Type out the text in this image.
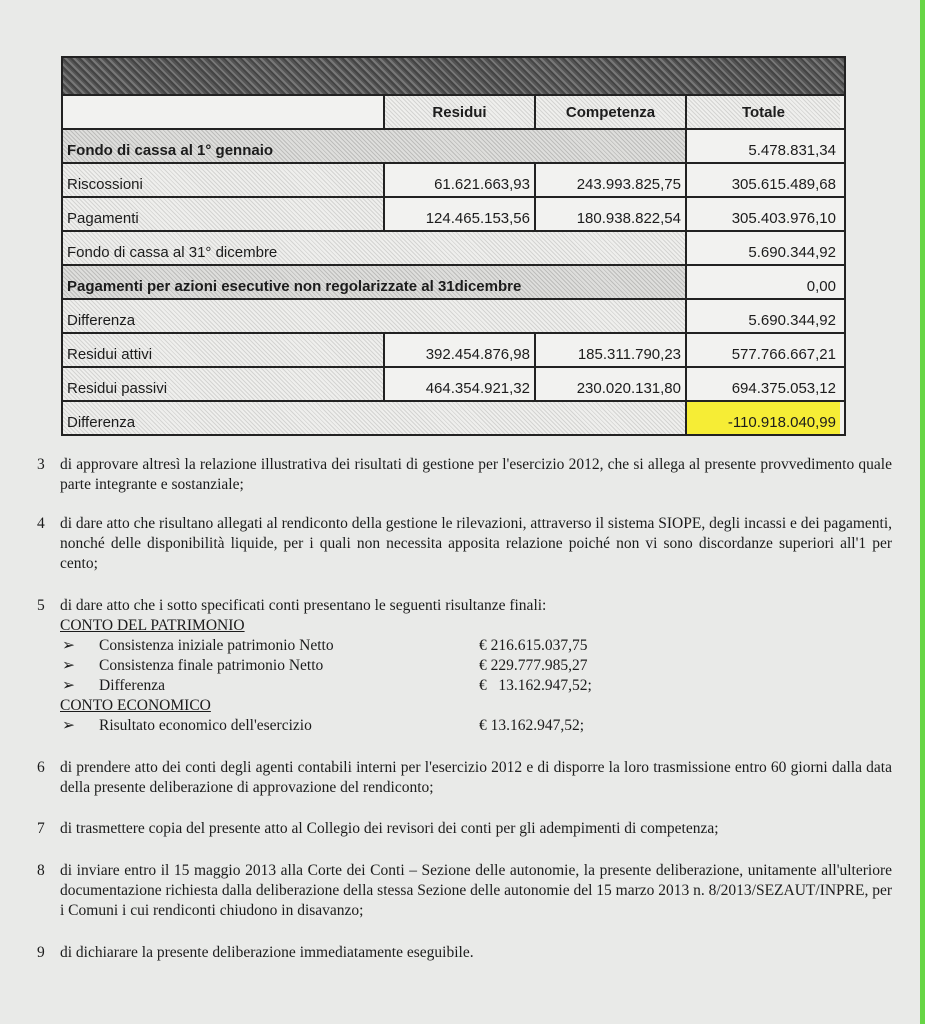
Residui	Competenza	Totale
Fondo di cassa al 1° gennaio	5.478.831,34
Riscossioni	61.621.663,93	243.993.825,75	305.615.489,68
Pagamenti	124.465.153,56	180.938.822,54	305.403.976,10
Fondo di cassa al 31° dicembre	5.690.344,92
Pagamenti per azioni esecutive non regolarizzate al 31dicembre	0,00
Differenza	5.690.344,92
Residui attivi	392.454.876,98	185.311.790,23	577.766.667,21
Residui passivi	464.354.921,32	230.020.131,80	694.375.053,12
Differenza	-110.918.040,99
3 di approvare altresì la relazione illustrativa dei risultati di gestione per l'esercizio 2012, che si allega al presente provvedimento quale parte integrante e sostanziale;
4 di dare atto che risultano allegati al rendiconto della gestione le rilevazioni, attraverso il sistema SIOPE, degli incassi e dei pagamenti, nonché delle disponibilità liquide, per i quali non necessita apposita relazione poiché non vi sono discordanze superiori all'1 per cento;
5 di dare atto che i sotto specificati conti presentano le seguenti risultanze finali:
CONTO DEL PATRIMONIO
➢	Consistenza iniziale patrimonio Netto	€ 216.615.037,75
➢	Consistenza finale patrimonio Netto	€ 229.777.985,27
➢	Differenza	€   13.162.947,52;
CONTO ECONOMICO
➢	Risultato economico dell'esercizio	€ 13.162.947,52;
6 di prendere atto dei conti degli agenti contabili interni per l'esercizio 2012 e di disporre la loro trasmissione entro 60 giorni dalla data della presente deliberazione di approvazione del rendiconto;
7 di trasmettere copia del presente atto al Collegio dei revisori dei conti per gli adempimenti di competenza;
8 di inviare entro il 15 maggio 2013 alla Corte dei Conti – Sezione delle autonomie, la presente deliberazione, unitamente all'ulteriore documentazione richiesta dalla deliberazione della stessa Sezione delle autonomie del 15 marzo 2013 n. 8/2013/SEZAUT/INPRE, per i Comuni i cui rendiconti chiudono in disavanzo;
9 di dichiarare la presente deliberazione immediatamente eseguibile.
